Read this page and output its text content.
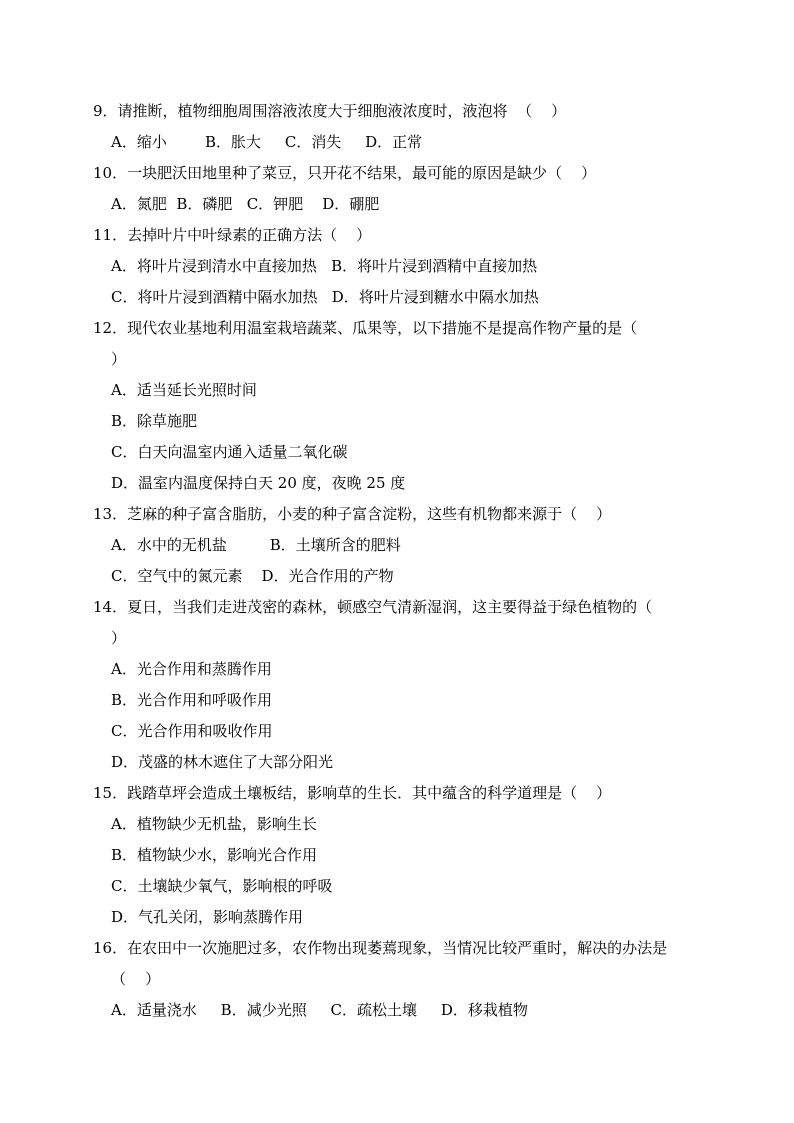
9．请推断，植物细胞周围溶液浓度大于细胞液浓度时，液泡将  （    ）
A．缩小        B．胀大     C．消失     D．正常
10．一块肥沃田地里种了菜豆，只开花不结果，最可能的原因是缺少（    ）
A．氮肥  B．磷肥   C．钾肥    D．硼肥
11．去掉叶片中叶绿素的正确方法（    ）
A．将叶片浸到清水中直接加热   B．将叶片浸到酒精中直接加热
C．将叶片浸到酒精中隔水加热   D．将叶片浸到糖水中隔水加热
12．现代农业基地利用温室栽培蔬菜、瓜果等，以下措施不是提高作物产量的是（
）
A．适当延长光照时间
B．除草施肥
C．白天向温室内通入适量二氧化碳
D．温室内温度保持白天 20 度，夜晚 25 度
13．芝麻的种子富含脂肪，小麦的种子富含淀粉，这些有机物都来源于（    ）
A．水中的无机盐         B．土壤所含的肥料
C．空气中的氮元素    D．光合作用的产物
14．夏日，当我们走进茂密的森林，顿感空气清新湿润，这主要得益于绿色植物的（
）
A．光合作用和蒸腾作用
B．光合作用和呼吸作用
C．光合作用和吸收作用
D．茂盛的林木遮住了大部分阳光
15．践踏草坪会造成土壤板结，影响草的生长．其中蕴含的科学道理是（    ）
A．植物缺少无机盐，影响生长
B．植物缺少水，影响光合作用
C．土壤缺少氧气，影响根的呼吸
D．气孔关闭，影响蒸腾作用
16．在农田中一次施肥过多，农作物出现萎蔫现象，当情况比较严重时，解决的办法是
（    ）
A．适量浇水     B．减少光照     C．疏松土壤     D．移栽植物
